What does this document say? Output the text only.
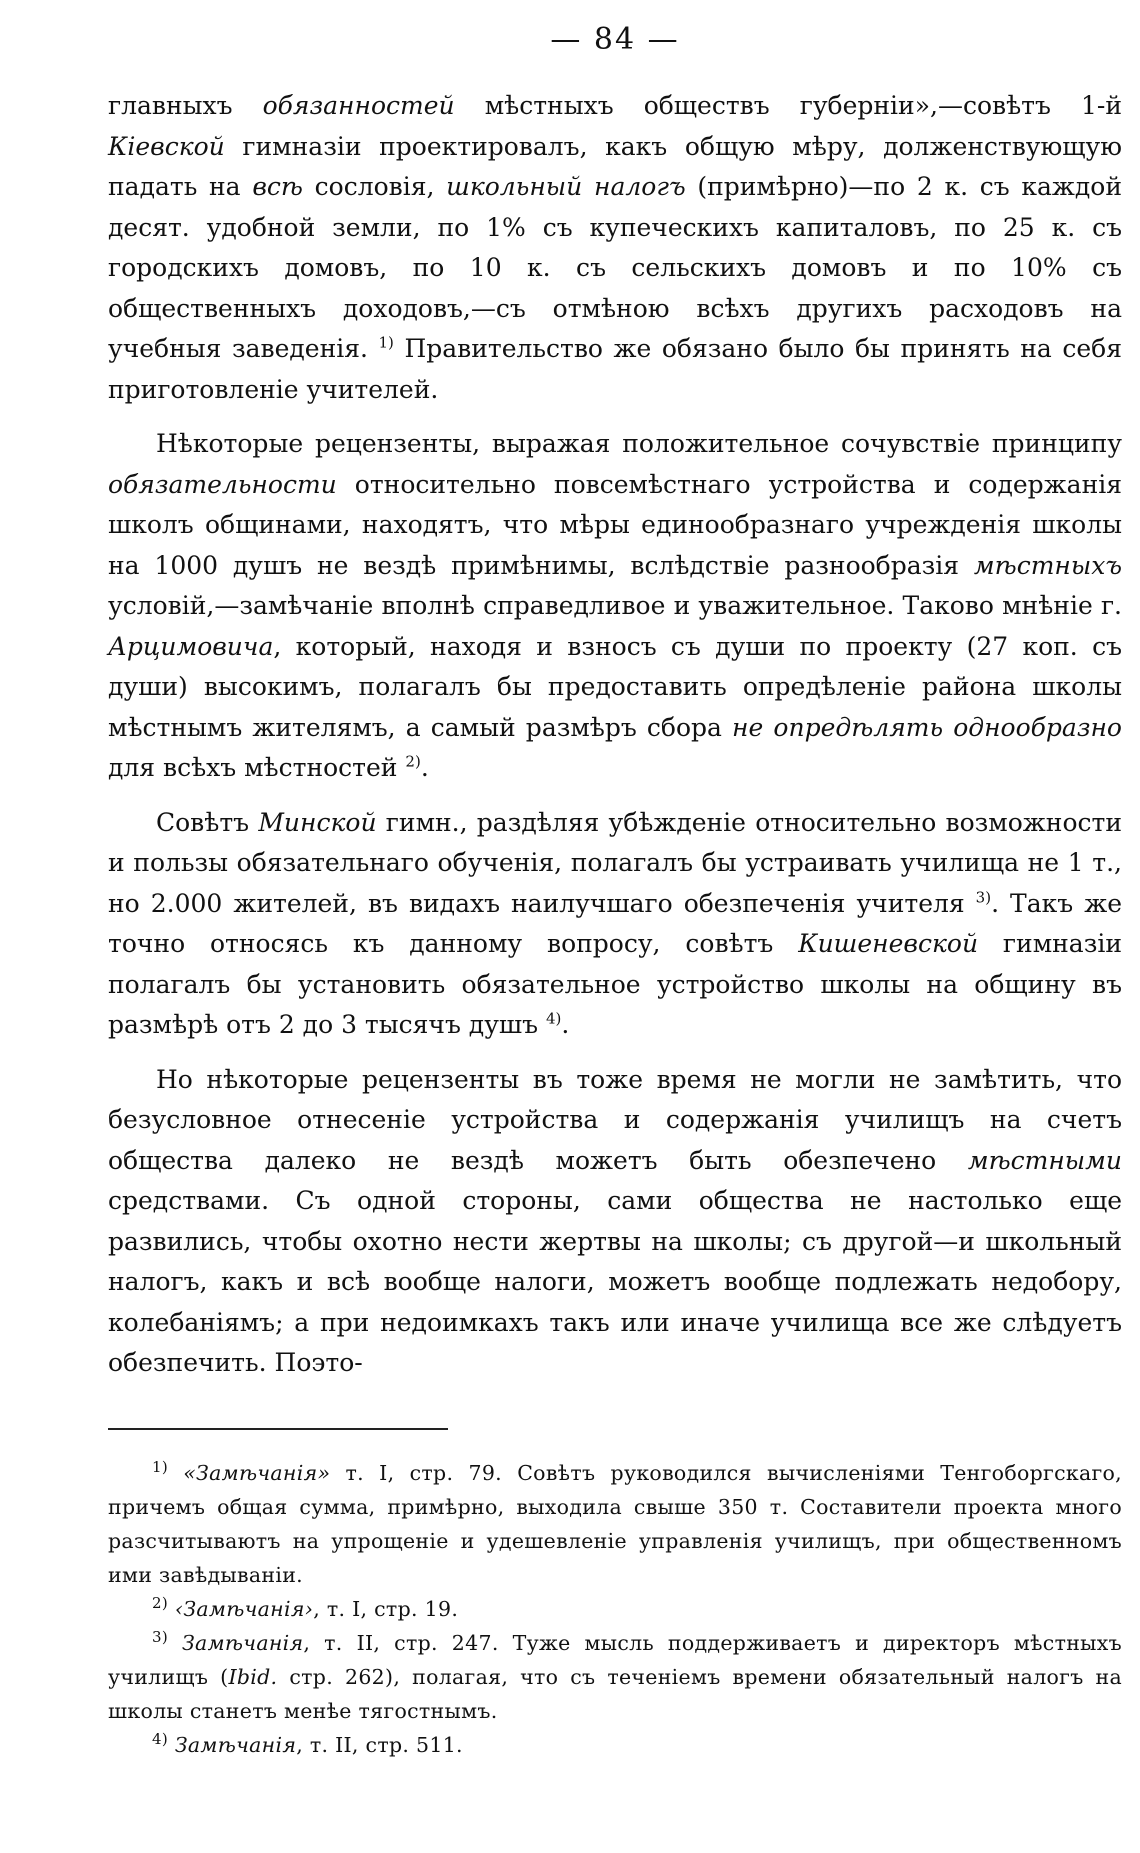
— 84 —

главныхъ обязанностей мѣстныхъ обществъ губерніи»,—совѣтъ 1-й Кіевской гимназіи проектировалъ, какъ общую мѣру, долженствующую падать на всѣ сословія, школьный налогъ (примѣрно)—по 2 к. съ каждой десят. удобной земли, по 1% съ купеческихъ капиталовъ, по 25 к. съ городскихъ домовъ, по 10 к. съ сельскихъ домовъ и по 10% съ общественныхъ доходовъ,—съ отмѣною всѣхъ другихъ расходовъ на учебныя заведенія. $^{1)}$ Правительство же обязано было бы принять на себя приготовленіе учителей.

Нѣкоторые рецензенты, выражая положительное сочувствіе принципу обязательности относительно повсемѣстнаго устройства и содержанія школъ общинами, находятъ, что мѣры единообразнаго учрежденія школы на 1000 душъ не вездѣ примѣнимы, вслѣдствіе разнообразія мѣстныхъ условій,—замѣчаніе вполнѣ справедливое и уважительное. Таково мнѣніе г. Арцимовича, который, находя и взносъ съ души по проекту (27 коп. съ души) высокимъ, полагалъ бы предоставить опредѣленіе района школы мѣстнымъ жителямъ, а самый размѣръ сбора не опредѣлять однообразно для всѣхъ мѣстностей $^{2)}$.

Совѣтъ Минской гимн., раздѣляя убѣжденіе относительно возможности и пользы обязательнаго обученія, полагалъ бы устраивать училища не 1 т., но 2.000 жителей, въ видахъ наилучшаго обезпеченія учителя $^{3)}$. Такъ же точно относясь къ данному вопросу, совѣтъ Кишеневской гимназіи полагалъ бы установить обязательное устройство школы на общину въ размѣрѣ отъ 2 до 3 тысячъ душъ $^{4)}$.

Но нѣкоторые рецензенты въ тоже время не могли не замѣтить, что безусловное отнесеніе устройства и содержанія училищъ на счетъ общества далеко не вездѣ можетъ быть обезпечено мѣстными средствами. Съ одной стороны, сами общества не настолько еще развились, чтобы охотно нести жертвы на школы; съ другой—и школьный налогъ, какъ и всѣ вообще налоги, можетъ вообще подлежать недобору, колебаніямъ; а при недоимкахъ такъ или иначе училища все же слѣдуетъ обезпечить. Поэто-

$^{1)}$ «Замѣчанія» т. I, стр. 79. Совѣтъ руководился вычисленіями Тенгоборгскаго, причемъ общая сумма, примѣрно, выходила свыше 350 т. Составители проекта много разсчитываютъ на упрощеніе и удешевленіе управленія училищъ, при общественномъ ими завѣдываніи.

$^{2)}$ ‹Замѣчанія›, т. I, стр. 19.

$^{3)}$ Замѣчанія, т. II, стр. 247. Туже мысль поддерживаетъ и директоръ мѣстныхъ училищъ (Ibid. стр. 262), полагая, что съ теченіемъ времени обязательный налогъ на школы станетъ менѣе тягостнымъ.

$^{4)}$ Замѣчанія, т. II, стр. 511.
